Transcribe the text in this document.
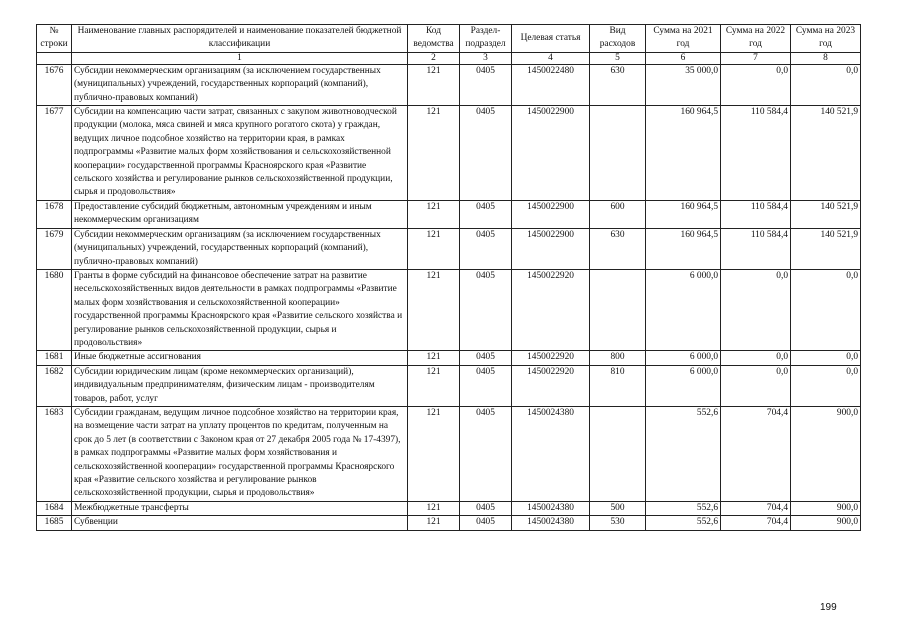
№ строки	Наименование главных распорядителей и наименование показателей бюджетной классификации	Код ведомства	Раздел-подраздел	Целевая статья	Вид расходов	Сумма на 2021 год	Сумма на 2022 год	Сумма на 2023 год
	1	2	3	4	5	6	7	8
1676	Субсидии некоммерческим организациям (за исключением государственных (муниципальных) учреждений, государственных корпораций (компаний), публично-правовых компаний)	121	0405	1450022480	630	35 000,0	0,0	0,0
1677	Субсидии на компенсацию части затрат, связанных с закупом животноводческой продукции (молока, мяса свиней и мяса крупного рогатого скота) у граждан, ведущих личное подсобное хозяйство на территории края, в рамках подпрограммы «Развитие малых форм хозяйствования и сельскохозяйственной кооперации» государственной программы Красноярского края «Развитие сельского хозяйства и регулирование рынков сельскохозяйственной продукции, сырья и продовольствия»	121	0405	1450022900		160 964,5	110 584,4	140 521,9
1678	Предоставление субсидий бюджетным, автономным учреждениям и иным некоммерческим организациям	121	0405	1450022900	600	160 964,5	110 584,4	140 521,9
1679	Субсидии некоммерческим организациям (за исключением государственных (муниципальных) учреждений, государственных корпораций (компаний), публично-правовых компаний)	121	0405	1450022900	630	160 964,5	110 584,4	140 521,9
1680	Гранты в форме субсидий на финансовое обеспечение затрат на развитие несельскохозяйственных видов деятельности в рамках подпрограммы «Развитие малых форм хозяйствования и сельскохозяйственной кооперации» государственной программы Красноярского края «Развитие сельского хозяйства и регулирование рынков сельскохозяйственной продукции, сырья и продовольствия»	121	0405	1450022920		6 000,0	0,0	0,0
1681	Иные бюджетные ассигнования	121	0405	1450022920	800	6 000,0	0,0	0,0
1682	Субсидии юридическим лицам (кроме некоммерческих организаций), индивидуальным предпринимателям, физическим лицам - производителям товаров, работ, услуг	121	0405	1450022920	810	6 000,0	0,0	0,0
1683	Субсидии гражданам, ведущим личное подсобное хозяйство на территории края, на возмещение части затрат на уплату процентов по кредитам, полученным на срок до 5 лет (в соответствии с Законом края от 27 декабря 2005 года № 17-4397), в рамках подпрограммы «Развитие малых форм хозяйствования и сельскохозяйственной кооперации» государственной программы Красноярского края «Развитие сельского хозяйства и регулирование рынков сельскохозяйственной продукции, сырья и продовольствия»	121	0405	1450024380		552,6	704,4	900,0
1684	Межбюджетные трансферты	121	0405	1450024380	500	552,6	704,4	900,0
1685	Субвенции	121	0405	1450024380	530	552,6	704,4	900,0
199
